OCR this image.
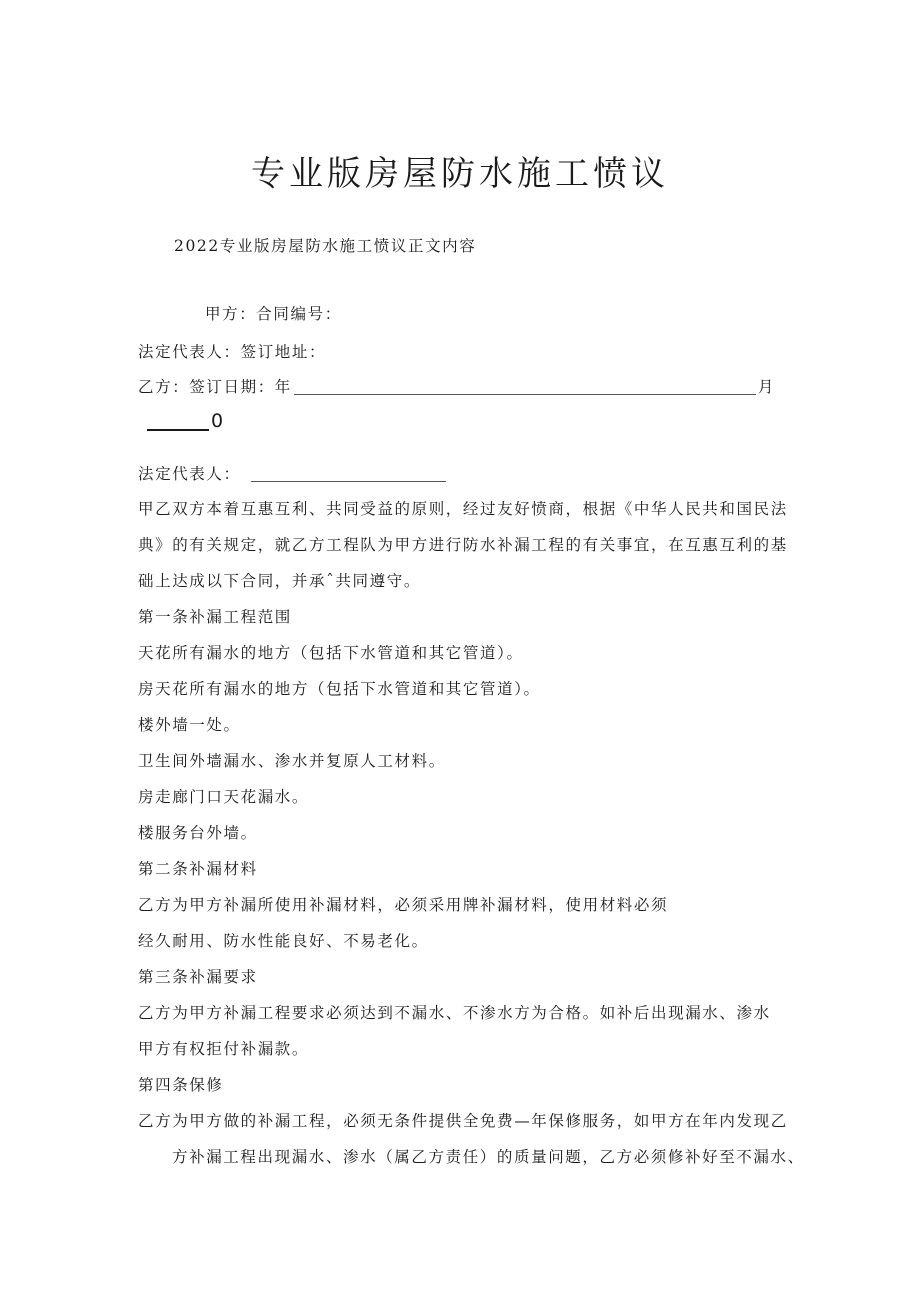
专业版房屋防水施工愤议
2022专业版房屋防水施工愤议正文内容
甲方：合同编号：
法定代表人：签订地址：
乙方：签订日期：年	月
0
法定代表人：
甲乙双方本着互惠互利、共同受益的原则，经过友好愤商，根据《中华人民共和国民法
典》的有关规定，就乙方工程队为甲方进行防水补漏工程的有关事宜，在互惠互利的基
础上达成以下合同，并承ˆ共同遵守。
第一条补漏工程范围
天花所有漏水的地方（包括下水管道和其它管道）。
房天花所有漏水的地方（包括下水管道和其它管道）。
楼外墙一处。
卫生间外墙漏水、渗水并复原人工材料。
房走廊门口天花漏水。
楼服务台外墙。
第二条补漏材料
乙方为甲方补漏所使用补漏材料，必须采用牌补漏材料，使用材料必须
经久耐用、防水性能良好、不易老化。
第三条补漏要求
乙方为甲方补漏工程要求必须达到不漏水、不渗水方为合格。如补后出现漏水、渗水
甲方有权拒付补漏款。
第四条保修
乙方为甲方做的补漏工程，必须无条件提供全免费—年保修服务，如甲方在年内发现乙
方补漏工程出现漏水、渗水（属乙方责任）的质量问题，乙方必须修补好至不漏水、
